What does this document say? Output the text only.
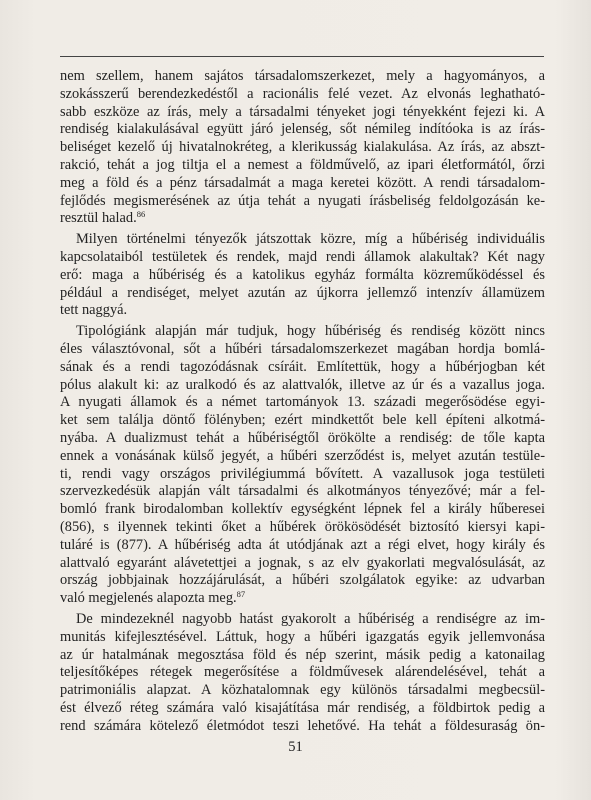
nem szellem, hanem sajátos társadalomszerkezet, mely a hagyományos, a
szokásszerű berendezkedéstől a racionális felé vezet. Az elvonás leghatható-
sabb eszköze az írás, mely a társadalmi tényeket jogi tényekként fejezi ki. A
rendiség kialakulásával együtt járó jelenség, sőt némileg indítóoka is az írás-
beliséget kezelő új hivatalnokréteg, a klerikusság kialakulása. Az írás, az abszt-
rakció, tehát a jog tiltja el a nemest a földművelő, az ipari életformától, őrzi
meg a föld és a pénz társadalmát a maga keretei között. A rendi társadalom-
fejlődés megismerésének az útja tehát a nyugati írásbeliség feldolgozásán ke-
resztül halad.$^{86}$
Milyen történelmi tényezők játszottak közre, míg a hűbériség individuális
kapcsolataiból testületek és rendek, majd rendi államok alakultak? Két nagy
erő: maga a hűbériség és a katolikus egyház formálta közreműködéssel és
például a rendiséget, melyet azután az újkorra jellemző intenzív államüzem
tett naggyá.
Tipológiánk alapján már tudjuk, hogy hűbériség és rendiség között nincs
éles választóvonal, sőt a hűbéri társadalomszerkezet magában hordja bomlá-
sának és a rendi tagozódásnak csíráit. Említettük, hogy a hűbérjogban két
pólus alakult ki: az uralkodó és az alattvalók, illetve az úr és a vazallus joga.
A nyugati államok és a német tartományok 13. századi megerősödése egyi-
ket sem találja döntő fölényben; ezért mindkettőt bele kell építeni alkotmá-
nyába. A dualizmust tehát a hűbériségtől örökölte a rendiség: de tőle kapta
ennek a vonásának külső jegyét, a hűbéri szerződést is, melyet azután testüle-
ti, rendi vagy országos privilégiummá bővített. A vazallusok joga testületi
szervezkedésük alapján vált társadalmi és alkotmányos tényezővé; már a fel-
bomló frank birodalomban kollektív egységként lépnek fel a király hűberesei
(856), s ilyennek tekinti őket a hűbérek örökösödését biztosító kiersyi kapi-
tuláré is (877). A hűbériség adta át utódjának azt a régi elvet, hogy király és
alattvaló egyaránt alávetettjei a jognak, s az elv gyakorlati megvalósulását, az
ország jobbjainak hozzájárulását, a hűbéri szolgálatok egyike: az udvarban
való megjelenés alapozta meg.$^{87}$
De mindezeknél nagyobb hatást gyakorolt a hűbériség a rendiségre az im-
munitás kifejlesztésével. Láttuk, hogy a hűbéri igazgatás egyik jellemvonása
az úr hatalmának megosztása föld és nép szerint, másik pedig a katonailag
teljesítőképes rétegek megerősítése a földművesek alárendelésével, tehát a
patrimoniális alapzat. A közhatalomnak egy különös társadalmi megbecsül-
ést élvező réteg számára való kisajátítása már rendiség, a földbirtok pedig a
rend számára kötelező életmódot teszi lehetővé. Ha tehát a földesuraság ön-
51
